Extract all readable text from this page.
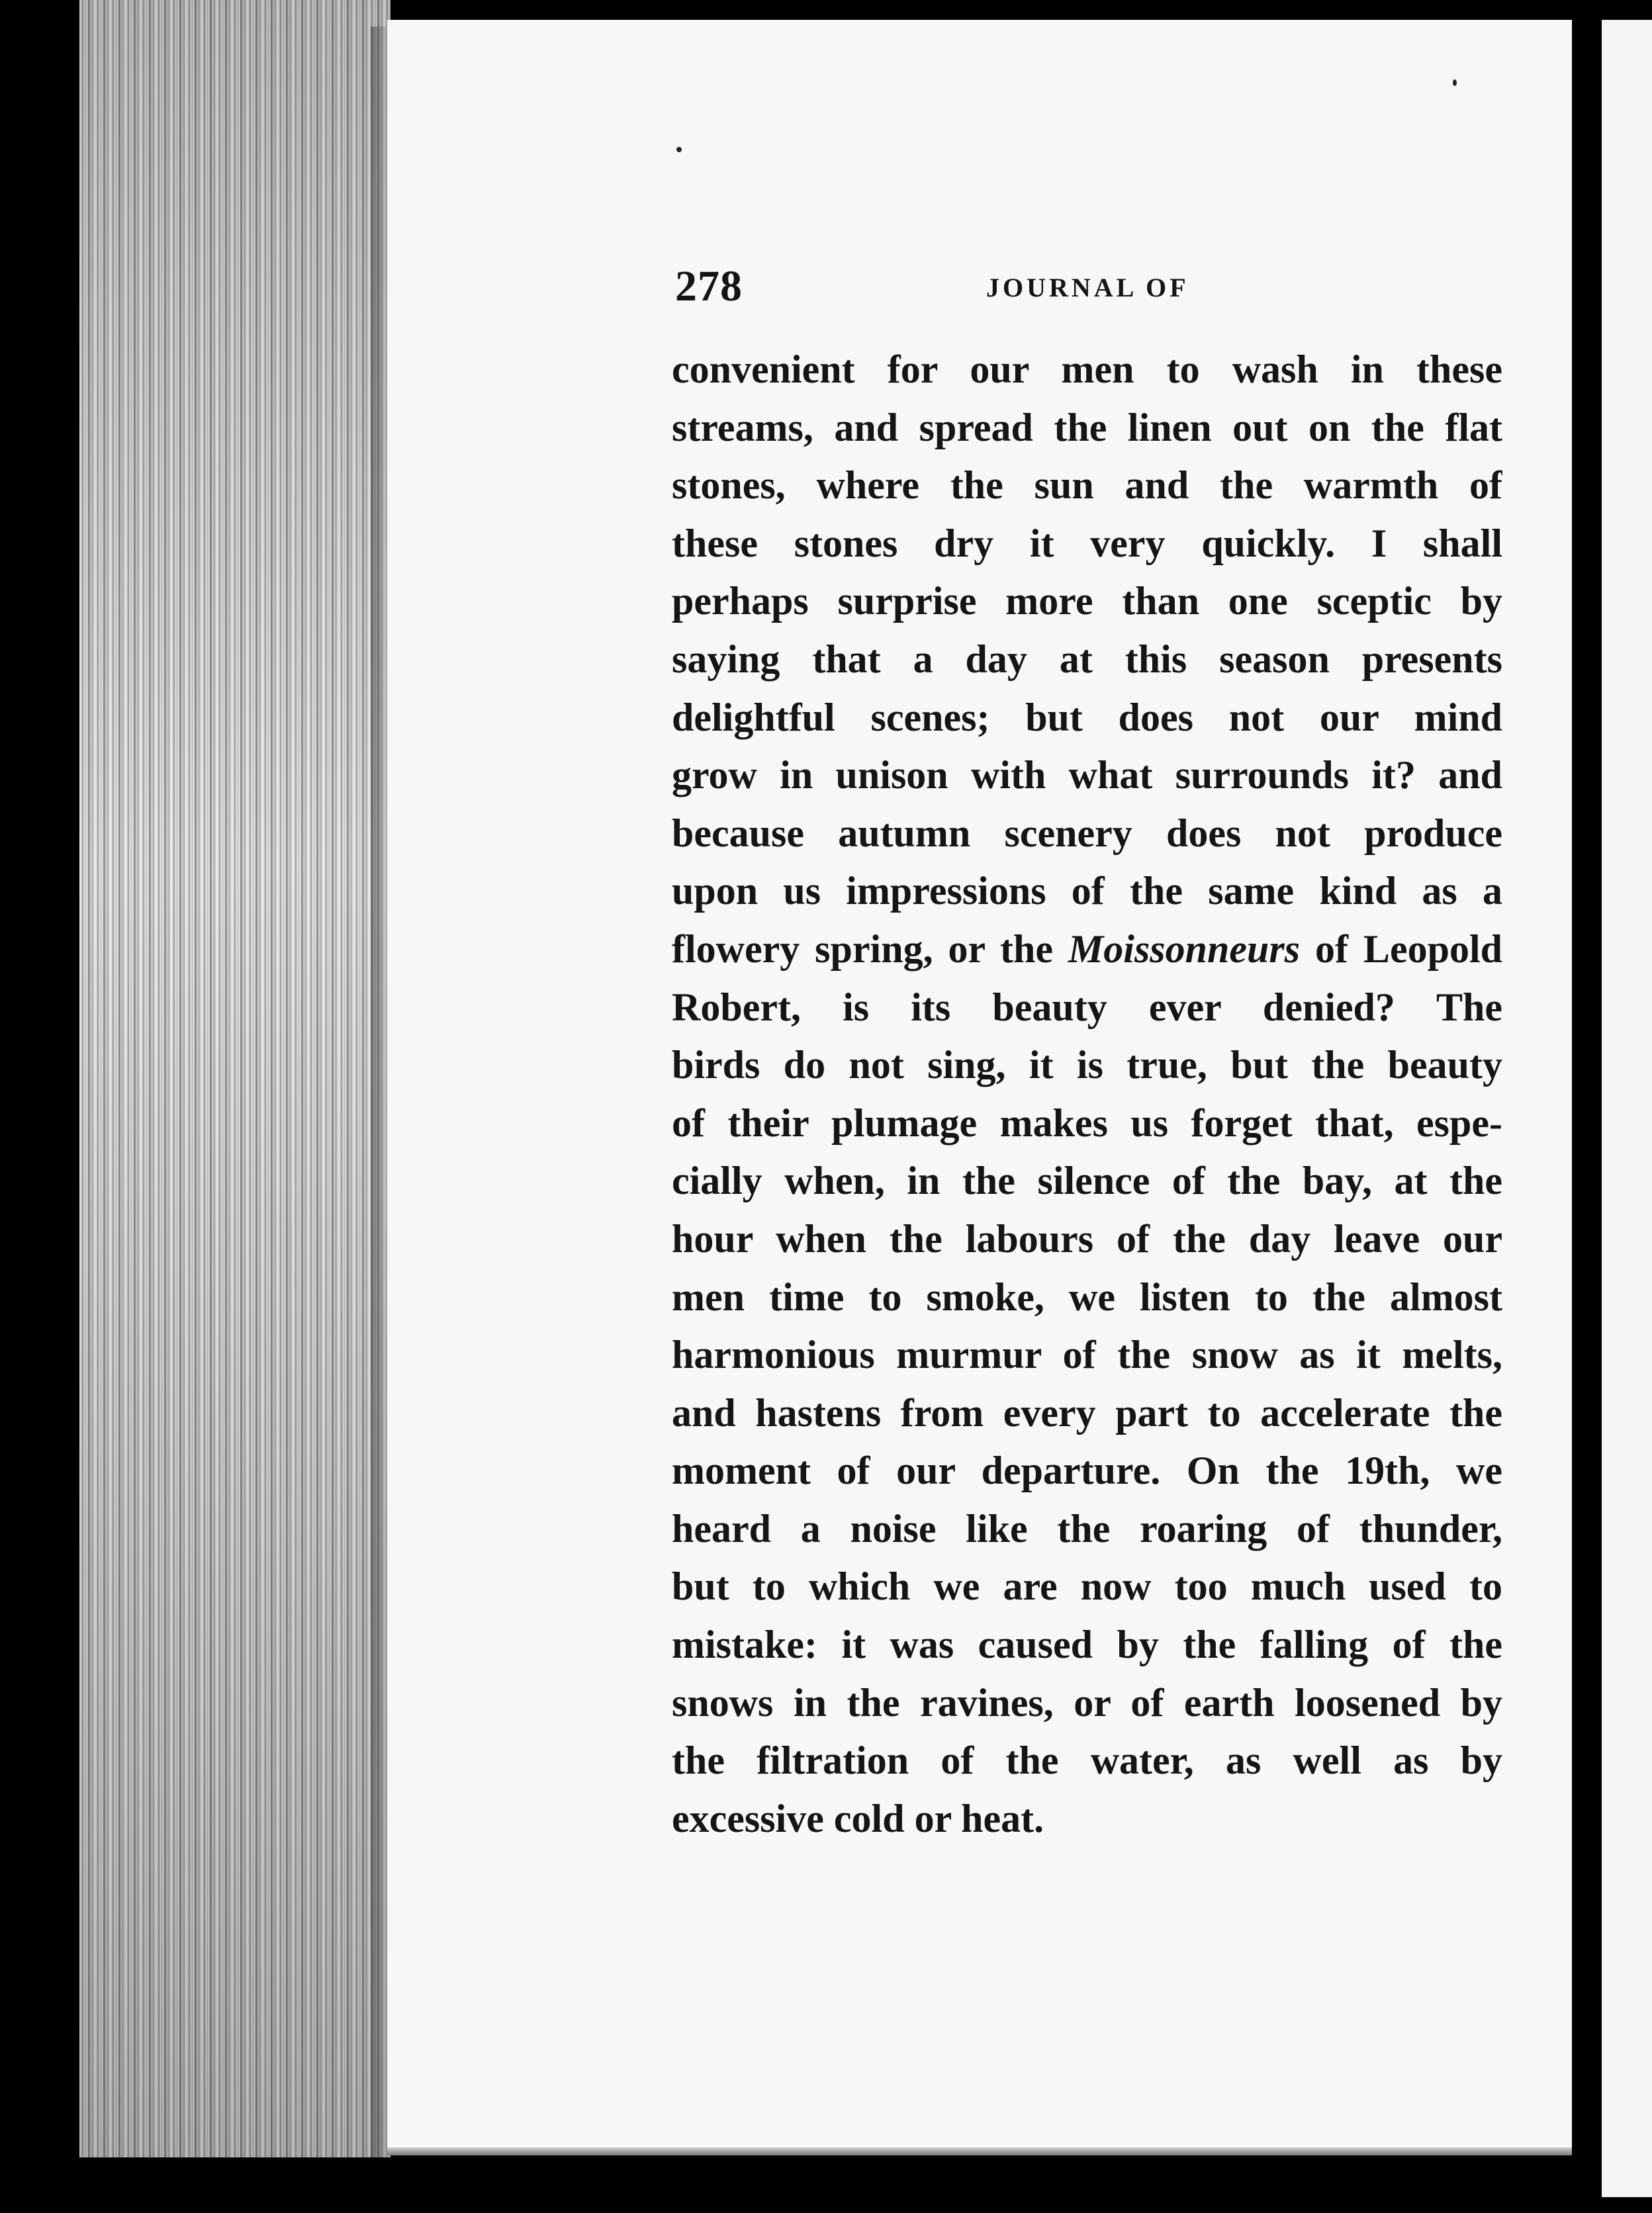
278	JOURNAL OF
convenient for our men to wash in these
streams, and spread the linen out on the flat
stones, where the sun and the warmth of
these stones dry it very quickly. I shall
perhaps surprise more than one sceptic by
saying that a day at this season presents
delightful scenes; but does not our mind
grow in unison with what surrounds it? and
because autumn scenery does not produce
upon us impressions of the same kind as a
flowery spring, or the Moissonneurs of Leopold
Robert, is its beauty ever denied? The
birds do not sing, it is true, but the beauty
of their plumage makes us forget that, espe-
cially when, in the silence of the bay, at the
hour when the labours of the day leave our
men time to smoke, we listen to the almost
harmonious murmur of the snow as it melts,
and hastens from every part to accelerate the
moment of our departure. On the 19th, we
heard a noise like the roaring of thunder,
but to which we are now too much used to
mistake: it was caused by the falling of the
snows in the ravines, or of earth loosened by
the filtration of the water, as well as by
excessive cold or heat.
